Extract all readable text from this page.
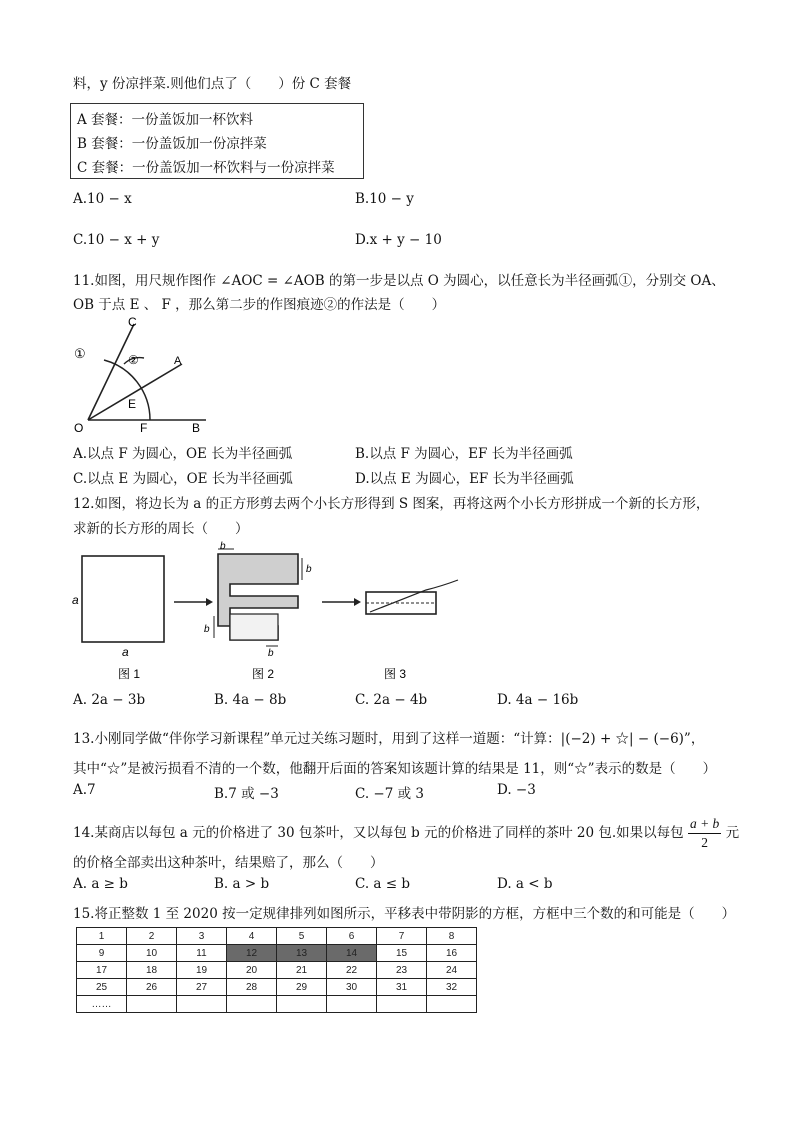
料，y 份凉拌菜.则他们点了（　　）份 C 套餐
A 套餐：一份盖饭加一杯饮料
B 套餐：一份盖饭加一份凉拌菜
C 套餐：一份盖饭加一杯饮料与一份凉拌菜
A.10 − x	B.10 − y
C.10 − x + y	D.x + y − 10
11.如图，用尺规作图作 ∠AOC = ∠AOB 的第一步是以点 O 为圆心，以任意长为半径画弧①，分别交 OA、
OB 于点 E 、 F ，那么第二步的作图痕迹②的作法是（　　）
C
A
O	B
E
F
①	②
A.以点 F 为圆心，OE 长为半径画弧	B.以点 F 为圆心，EF 长为半径画弧
C.以点 E 为圆心，OE 长为半径画弧	D.以点 E 为圆心，EF 长为半径画弧
12.如图，将边长为 a 的正方形剪去两个小长方形得到 S 图案，再将这两个小长方形拼成一个新的长方形，
求新的长方形的周长（　　）
a
a
b
b
b
b
图 1	图 2	图 3
A. 2a − 3b	B. 4a − 8b	C. 2a − 4b	D. 4a − 16b
13.小刚同学做“伴你学习新课程”单元过关练习题时，用到了这样一道题：“计算：|(−2) + ☆| − (−6)”，
其中“☆”是被污损看不清的一个数，他翻开后面的答案知该题计算的结果是 11，则“☆”表示的数是（　　）
A.7	B.7 或 −3	C. −7 或 3	D. −3
14.某商店以每包 a 元的价格进了 30 包茶叶，又以每包 b 元的价格进了同样的茶叶 20 包.如果以每包 $\frac{a + b}{2}$ 元
的价格全部卖出这种茶叶，结果赔了，那么（　　）
A. a ≥ b	B. a > b	C. a ≤ b	D. a < b
15.将正整数 1 至 2020 按一定规律排列如图所示，平移表中带阴影的方框，方框中三个数的和可能是（　　）
1	2	3	4	5	6	7	8
9	10	11	12	13	14	15	16
17	18	19	20	21	22	23	24
25	26	27	28	29	30	31	32
……							
